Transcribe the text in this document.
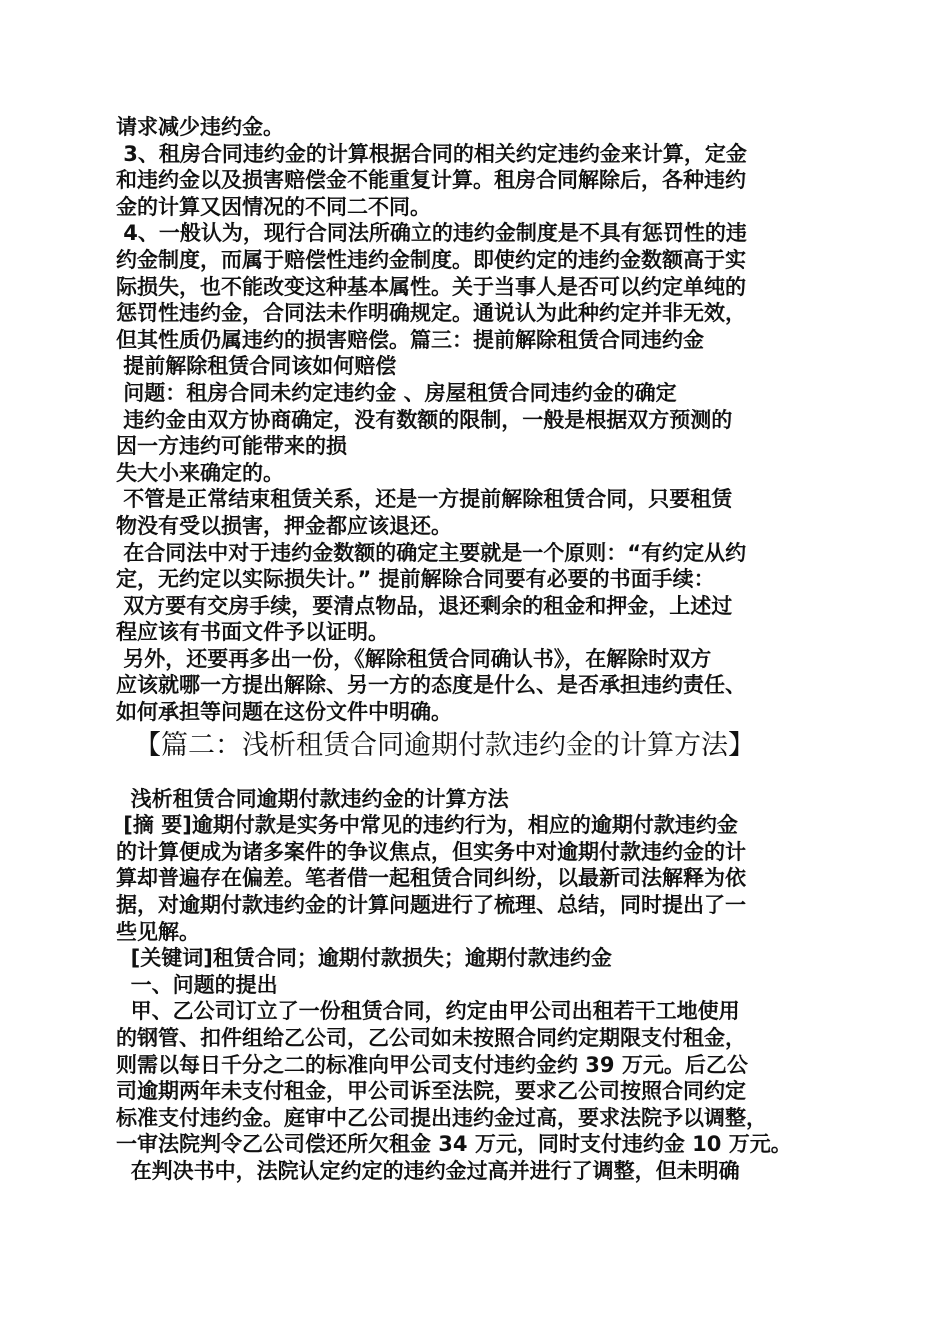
请求减少违约金。
3、租房合同违约金的计算根据合同的相关约定违约金来计算，定金
和违约金以及损害赔偿金不能重复计算。租房合同解除后，各种违约
金的计算又因情况的不同二不同。
4、一般认为，现行合同法所确立的违约金制度是不具有惩罚性的违
约金制度，而属于赔偿性违约金制度。即使约定的违约金数额高于实
际损失，也不能改变这种基本属性。关于当事人是否可以约定单纯的
惩罚性违约金，合同法未作明确规定。通说认为此种约定并非无效，
但其性质仍属违约的损害赔偿。篇三：提前解除租赁合同违约金
提前解除租赁合同该如何赔偿
问题：租房合同未约定违约金 、房屋租赁合同违约金的确定
违约金由双方协商确定，没有数额的限制，一般是根据双方预测的
因一方违约可能带来的损
失大小来确定的。
不管是正常结束租赁关系，还是一方提前解除租赁合同，只要租赁
物没有受以损害，押金都应该退还。
在合同法中对于违约金数额的确定主要就是一个原则：“有约定从约
定，无约定以实际损失计。” 提前解除合同要有必要的书面手续：
双方要有交房手续，要清点物品，退还剩余的租金和押金，上述过
程应该有书面文件予以证明。
另外，还要再多出一份，《解除租赁合同确认书》，在解除时双方
应该就哪一方提出解除、另一方的态度是什么、是否承担违约责任、
如何承担等问题在这份文件中明确。
【篇二：浅析租赁合同逾期付款违约金的计算方法】
浅析租赁合同逾期付款违约金的计算方法
[摘 要]逾期付款是实务中常见的违约行为，相应的逾期付款违约金
的计算便成为诸多案件的争议焦点，但实务中对逾期付款违约金的计
算却普遍存在偏差。笔者借一起租赁合同纠纷，以最新司法解释为依
据，对逾期付款违约金的计算问题进行了梳理、总结，同时提出了一
些见解。
[关键词]租赁合同；逾期付款损失；逾期付款违约金
一、问题的提出
甲、乙公司订立了一份租赁合同，约定由甲公司出租若干工地使用
的钢管、扣件组给乙公司，乙公司如未按照合同约定期限支付租金，
则需以每日千分之二的标准向甲公司支付违约金约 39 万元。后乙公
司逾期两年未支付租金，甲公司诉至法院，要求乙公司按照合同约定
标准支付违约金。庭审中乙公司提出违约金过高，要求法院予以调整，
一审法院判令乙公司偿还所欠租金 34 万元，同时支付违约金 10 万元。
在判决书中，法院认定约定的违约金过高并进行了调整，但未明确
